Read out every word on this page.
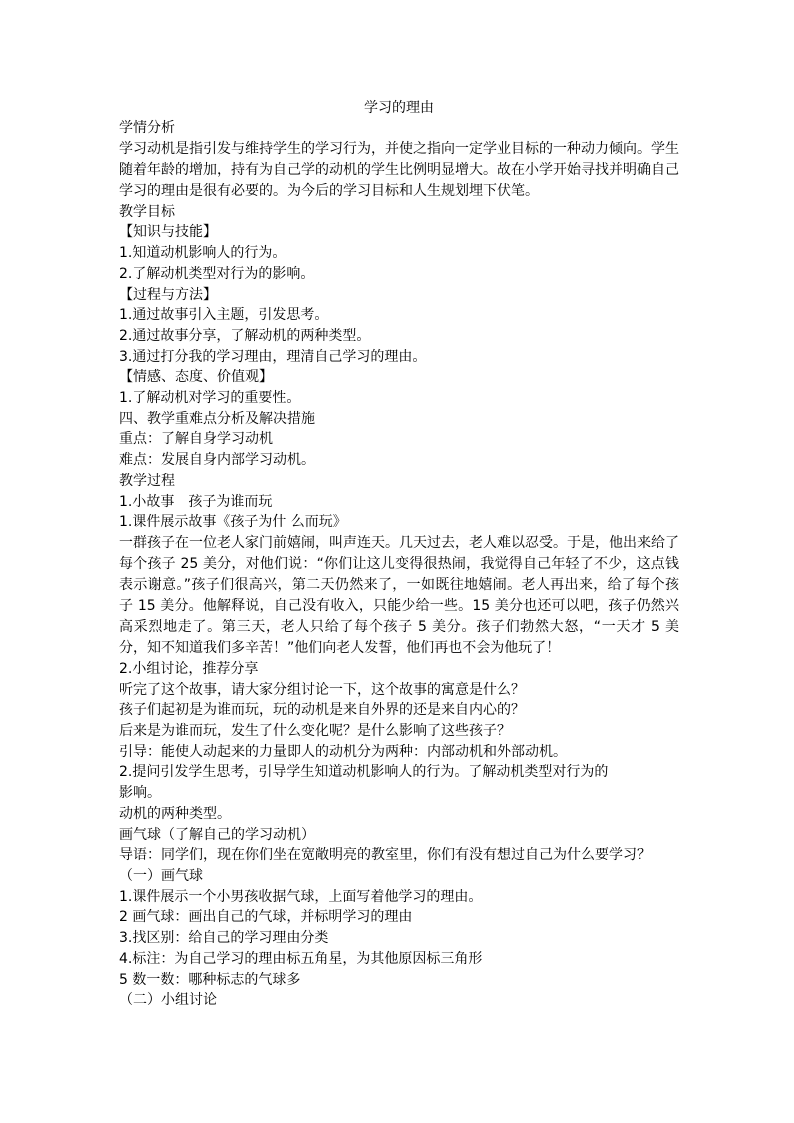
学习的理由

学情分析

学习动机是指引发与维持学生的学习行为，并使之指向一定学业目标的一种动力倾向。学生随着年龄的增加，持有为自己学的动机的学生比例明显增大。故在小学开始寻找并明确自己学习的理由是很有必要的。为今后的学习目标和人生规划埋下伏笔。

教学目标

【知识与技能】

1.知道动机影响人的行为。

2.了解动机类型对行为的影响。

【过程与方法】

1.通过故事引入主题，引发思考。

2.通过故事分享，了解动机的两种类型。

3.通过打分我的学习理由，理清自己学习的理由。

【情感、态度、价值观】

1.了解动机对学习的重要性。

四、教学重难点分析及解决措施

重点：了解自身学习动机

难点：发展自身内部学习动机。

教学过程

1.小故事　孩子为谁而玩

1.课件展示故事《孩子为什 么而玩》

一群孩子在一位老人家门前嬉闹，叫声连天。几天过去，老人难以忍受。于是，他出来给了每个孩子 25 美分，对他们说：“你们让这儿变得很热闹，我觉得自己年轻了不少，这点钱表示谢意。”孩子们很高兴，第二天仍然来了，一如既往地嬉闹。老人再出来，给了每个孩子 15 美分。他解释说，自己没有收入，只能少给一些。15 美分也还可以吧，孩子仍然兴高采烈地走了。第三天，老人只给了每个孩子 5 美分。孩子们勃然大怒，“一天才 5 美分，知不知道我们多辛苦！”他们向老人发誓，他们再也不会为他玩了！

2.小组讨论，推荐分享

听完了这个故事，请大家分组讨论一下，这个故事的寓意是什么？

孩子们起初是为谁而玩，玩的动机是来自外界的还是来自内心的？

后来是为谁而玩，发生了什么变化呢？是什么影响了这些孩子？

引导：能使人动起来的力量即人的动机分为两种：内部动机和外部动机。

2.提问引发学生思考，引导学生知道动机影响人的行为。了解动机类型对行为的

影响。

动机的两种类型。

画气球（了解自己的学习动机）

导语：同学们，现在你们坐在宽敞明亮的教室里，你们有没有想过自己为什么要学习？

（一）画气球

1.课件展示一个小男孩收据气球，上面写着他学习的理由。

2 画气球：画出自己的气球，并标明学习的理由

3.找区别：给自己的学习理由分类

4.标注：为自己学习的理由标五角星，为其他原因标三角形

5 数一数：哪种标志的气球多

（二）小组讨论
